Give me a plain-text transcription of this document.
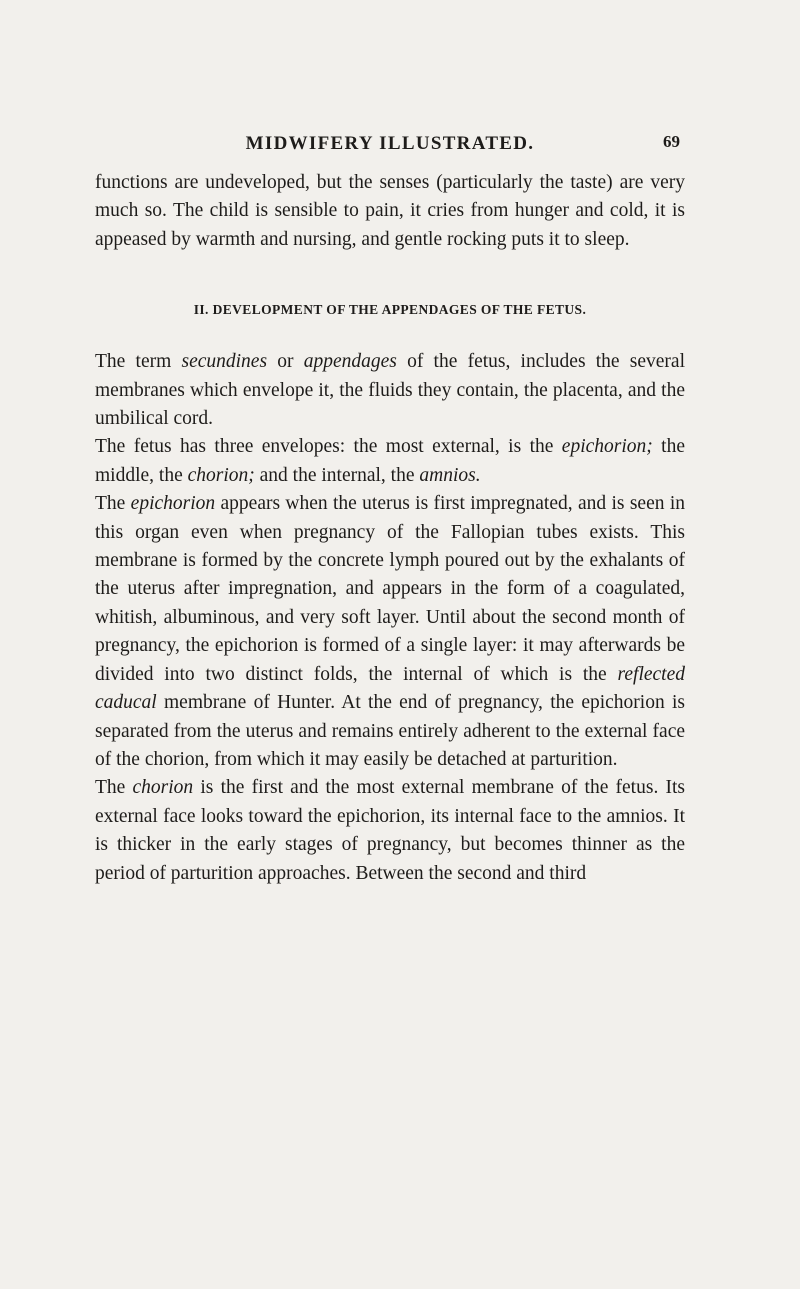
MIDWIFERY ILLUSTRATED.	69

functions are undeveloped, but the senses (particularly the taste) are very much so. The child is sensible to pain, it cries from hunger and cold, it is appeased by warmth and nursing, and gentle rocking puts it to sleep.

II. DEVELOPMENT OF THE APPENDAGES OF THE FETUS.

The term secundines or appendages of the fetus, includes the several membranes which envelope it, the fluids they contain, the placenta, and the umbilical cord.

The fetus has three envelopes: the most external, is the epichorion; the middle, the chorion; and the internal, the amnios.

The epichorion appears when the uterus is first impregnated, and is seen in this organ even when pregnancy of the Fallopian tubes exists. This membrane is formed by the concrete lymph poured out by the exhalants of the uterus after impregnation, and appears in the form of a coagulated, whitish, albuminous, and very soft layer. Until about the second month of pregnancy, the epichorion is formed of a single layer: it may afterwards be divided into two distinct folds, the internal of which is the reflected caducal membrane of Hunter. At the end of pregnancy, the epichorion is separated from the uterus and remains entirely adherent to the external face of the chorion, from which it may easily be detached at parturition.

The chorion is the first and the most external membrane of the fetus. Its external face looks toward the epichorion, its internal face to the amnios. It is thicker in the early stages of pregnancy, but becomes thinner as the period of parturition approaches. Between the second and third
